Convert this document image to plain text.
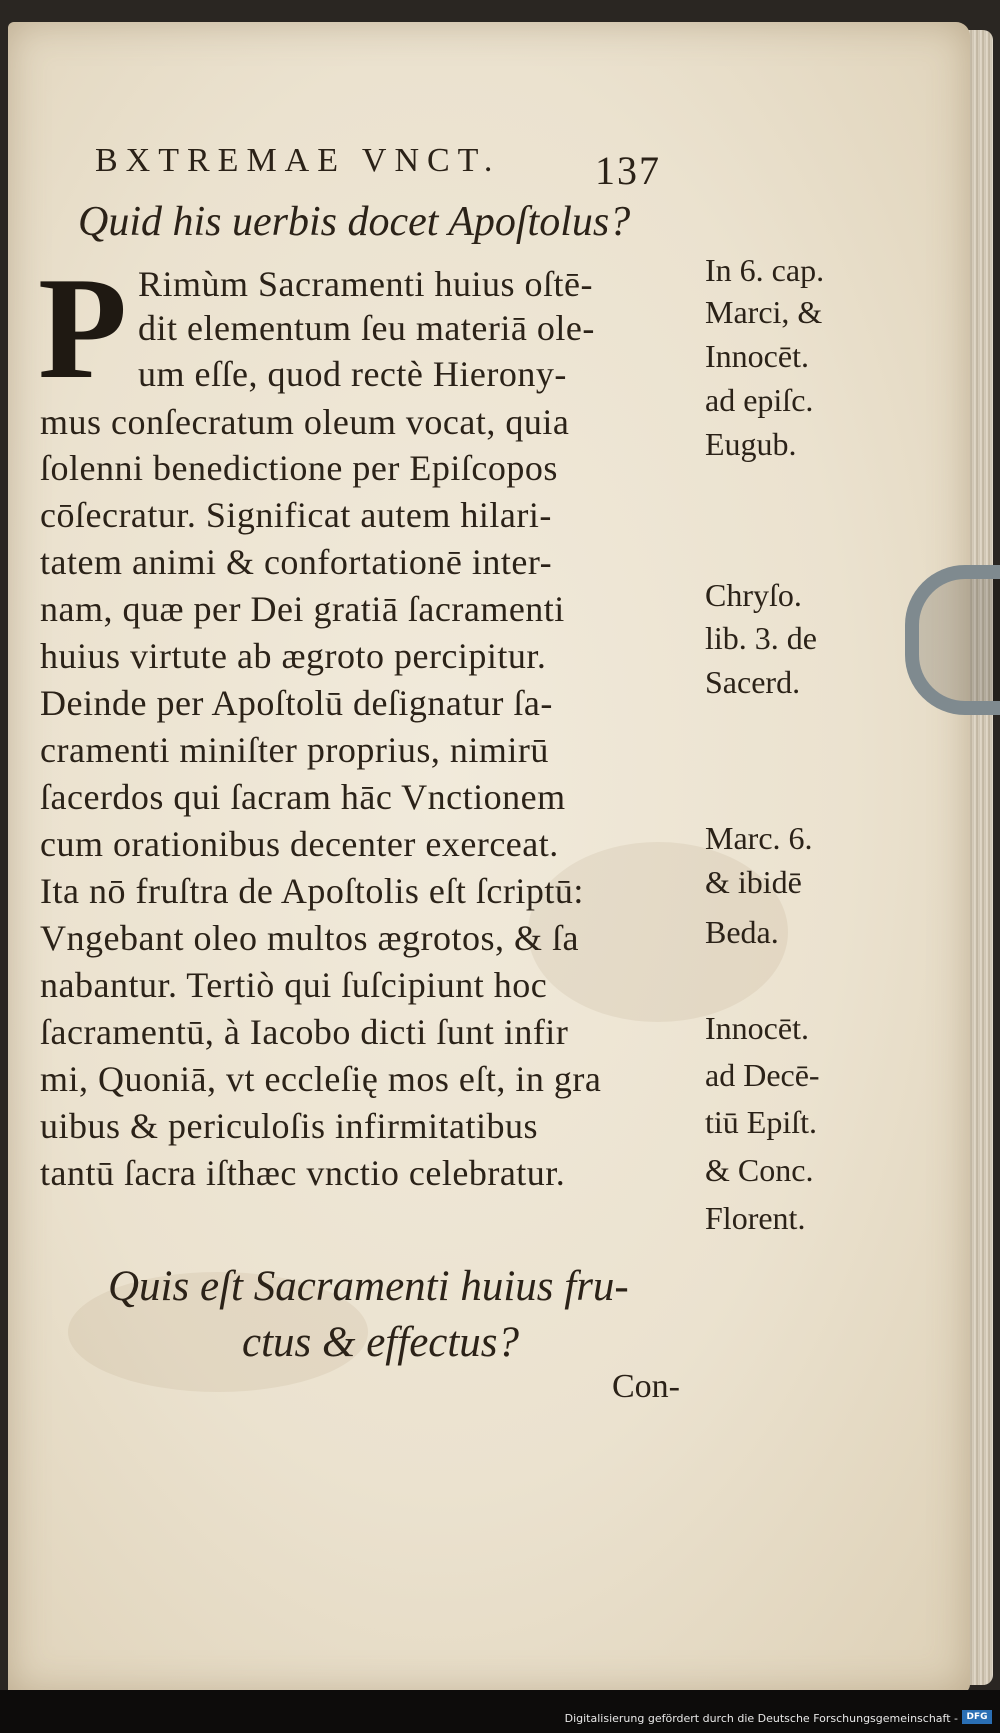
BXTREMAE VNCT. 137
Quid his uerbis docet Apoſtolus?
P Rimùm Sacramenti huius oſtē-
dit elementum ſeu materiā ole-
um eſſe, quod rectè Hierony-
mus conſecratum oleum vocat, quia
ſolenni benedictione per Epiſcopos
cōſecratur. Significat autem hilari-
tatem animi & confortationē inter-
nam, quæ per Dei gratiā ſacramenti
huius virtute ab ægroto percipitur.
Deinde per Apoſtolū deſignatur ſa-
cramenti miniſter proprius, nimirū
ſacerdos qui ſacram hāc Vnctionem
cum orationibus decenter exerceat.
Ita nō fruſtra de Apoſtolis eſt ſcriptū:
Vngebant oleo multos ægrotos, & ſa
nabantur. Tertiò qui ſuſcipiunt hoc
ſacramentū, à Iacobo dicti ſunt infir
mi, Quoniā, vt eccleſię mos eſt, in gra
uibus & periculoſis infirmitatibus
tantū ſacra iſthæc vnctio celebratur.
In 6. cap.
Marci, &
Innocēt.
ad epiſc.
Eugub.
Chryſo.
lib. 3. de
Sacerd.
Marc. 6.
& ibidē
Beda.
Innocēt.
ad Decē-
tiū Epiſt.
& Conc.
Florent.
Quis eſt Sacramenti huius fru-
ctus & effectus?
Con-
Digitalisierung gefördert durch die Deutsche Forschungsgemeinschaft - DFG
